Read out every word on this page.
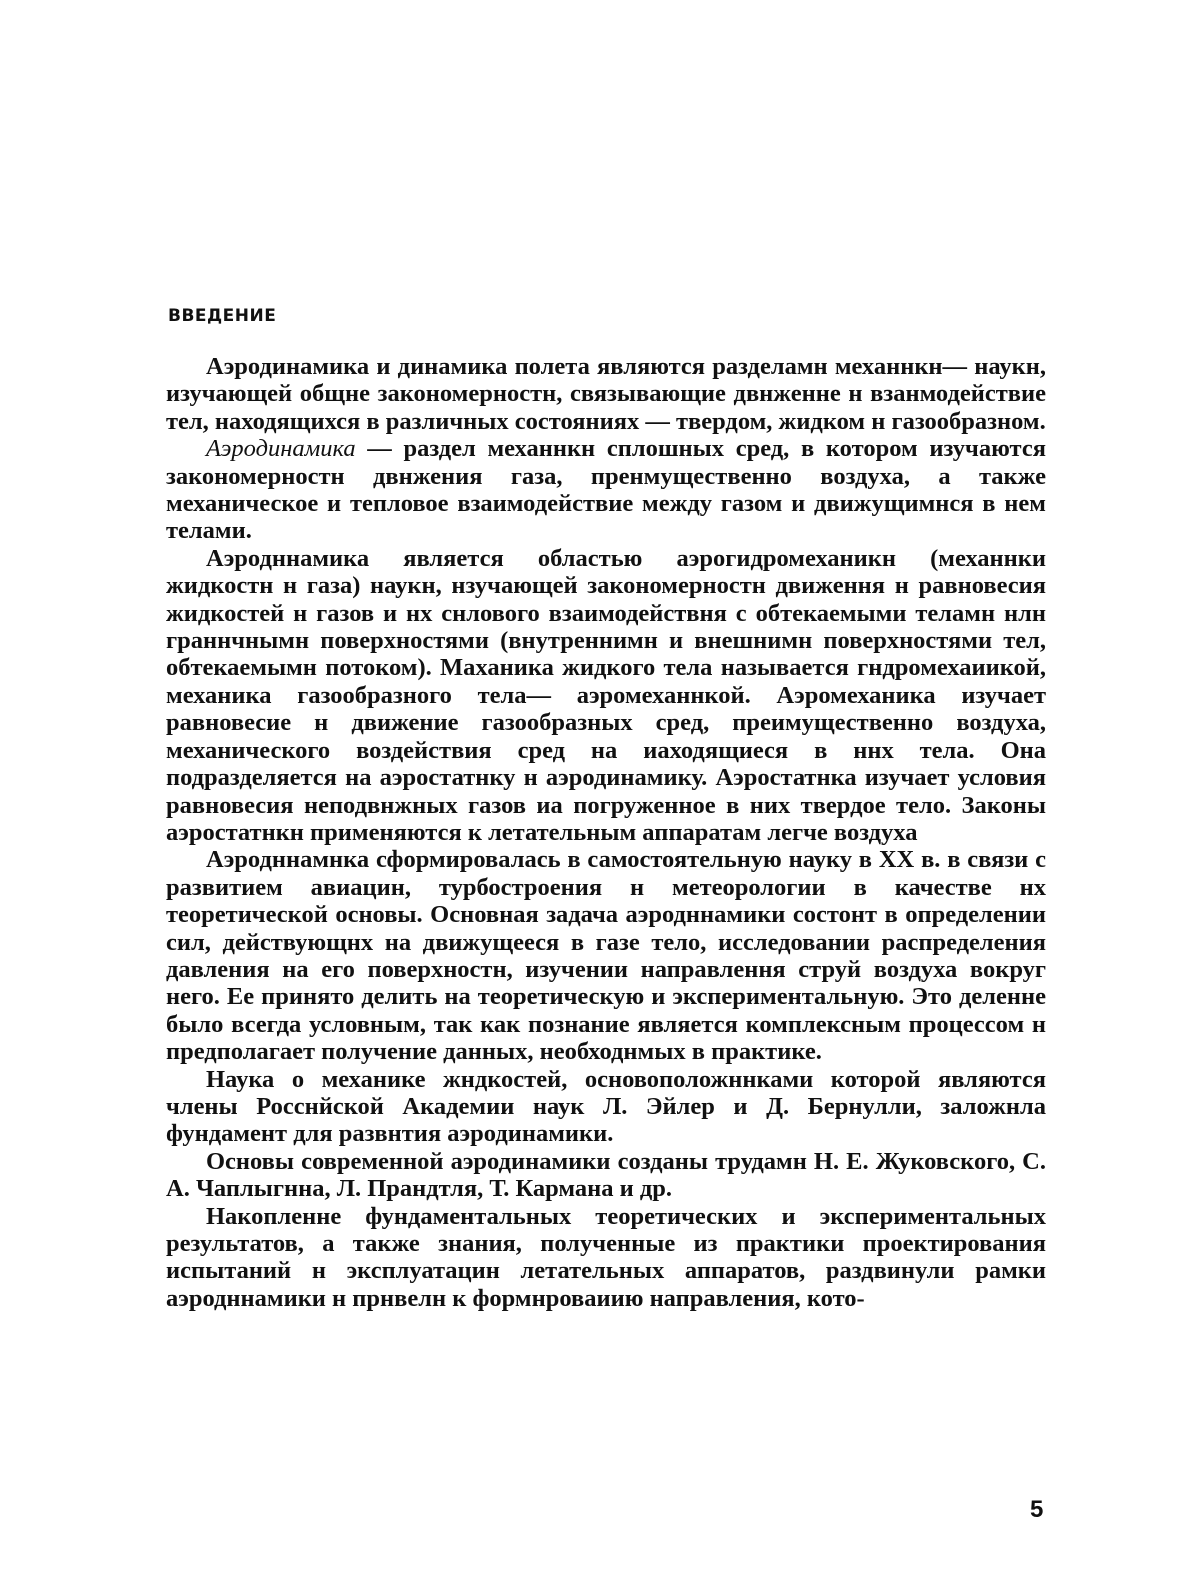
ВВЕДЕНИЕ

Аэродинамика и динамика полета являются разделамн механнкн— наукн, изучающей общне закономерностн, связывающие двнженне н взанмодействие тел, находящихся в различных состояниях — твердом, жидком н газообразном.

Аэродинамика — раздел механнкн сплошных сред, в котором изучаются закономерностн двнжения газа, пренмущественно воздуха, а также механическое и тепловое взаимодействие между газом и движущимнся в нем телами.

Аэродннамика является областью аэрогидромеханикн (механнки жидкостн н газа) наукн, нзучающей закономерностн движення н равновесия жидкостей н газов и нх снлового взаимодействня с обтекаемыми теламн нлн граннчнымн поверхностями (внутреннимн и внешнимн поверхностями тел, обтекаемымн потоком). Маханика жидкого тела называется гндромехаиикой, механика газообразного тела— аэромеханнкой. Аэромеханика изучает равновесие н движение газообразных сред, преимущественно воздуха, механического воздействия сред на иаходящиеся в ннх тела. Она подразделяется на аэростатнку н аэродинамику. Аэростатнка изучает условия равновесия неподвнжных газов иа погруженное в них твердое тело. Законы аэростатнкн применяются к летательным аппаратам легче воздуха

Аэродннамнка сформировалась в самостоятельную науку в XX в. в связи с развитием авиацин, турбостроения н метеорологии в качестве нх теоретической основы. Основная задача аэродннамики состонт в определении сил, действующнх на движущееся в газе тело, исследовании распределения давления на его поверхностн, изучении направлення струй воздуха вокруг него. Ее принято делить на теоретическую и экспериментальную. Это деленне было всегда условным, так как познание является комплексным процессом н предполагает получение данных, необходнмых в практике.

Наука о механике жндкостей, основоположннками которой являются члены Росснйской Академии наук Л. Эйлер и Д. Бернулли, заложнла фундамент для развнтия аэродинамики.

Основы современной аэродинамики созданы трудамн Н. Е. Жуковского, С. А. Чаплыгнна, Л. Прандтля, Т. Кармана и др.

Накопленне фундаментальных теоретических и экспериментальных результатов, а также знания, полученные из практики проектирования испытаний н эксплуатацин летательных аппаратов, раздвинули рамки аэродннамики н прнвелн к формнроваиию направления, кото-

5
